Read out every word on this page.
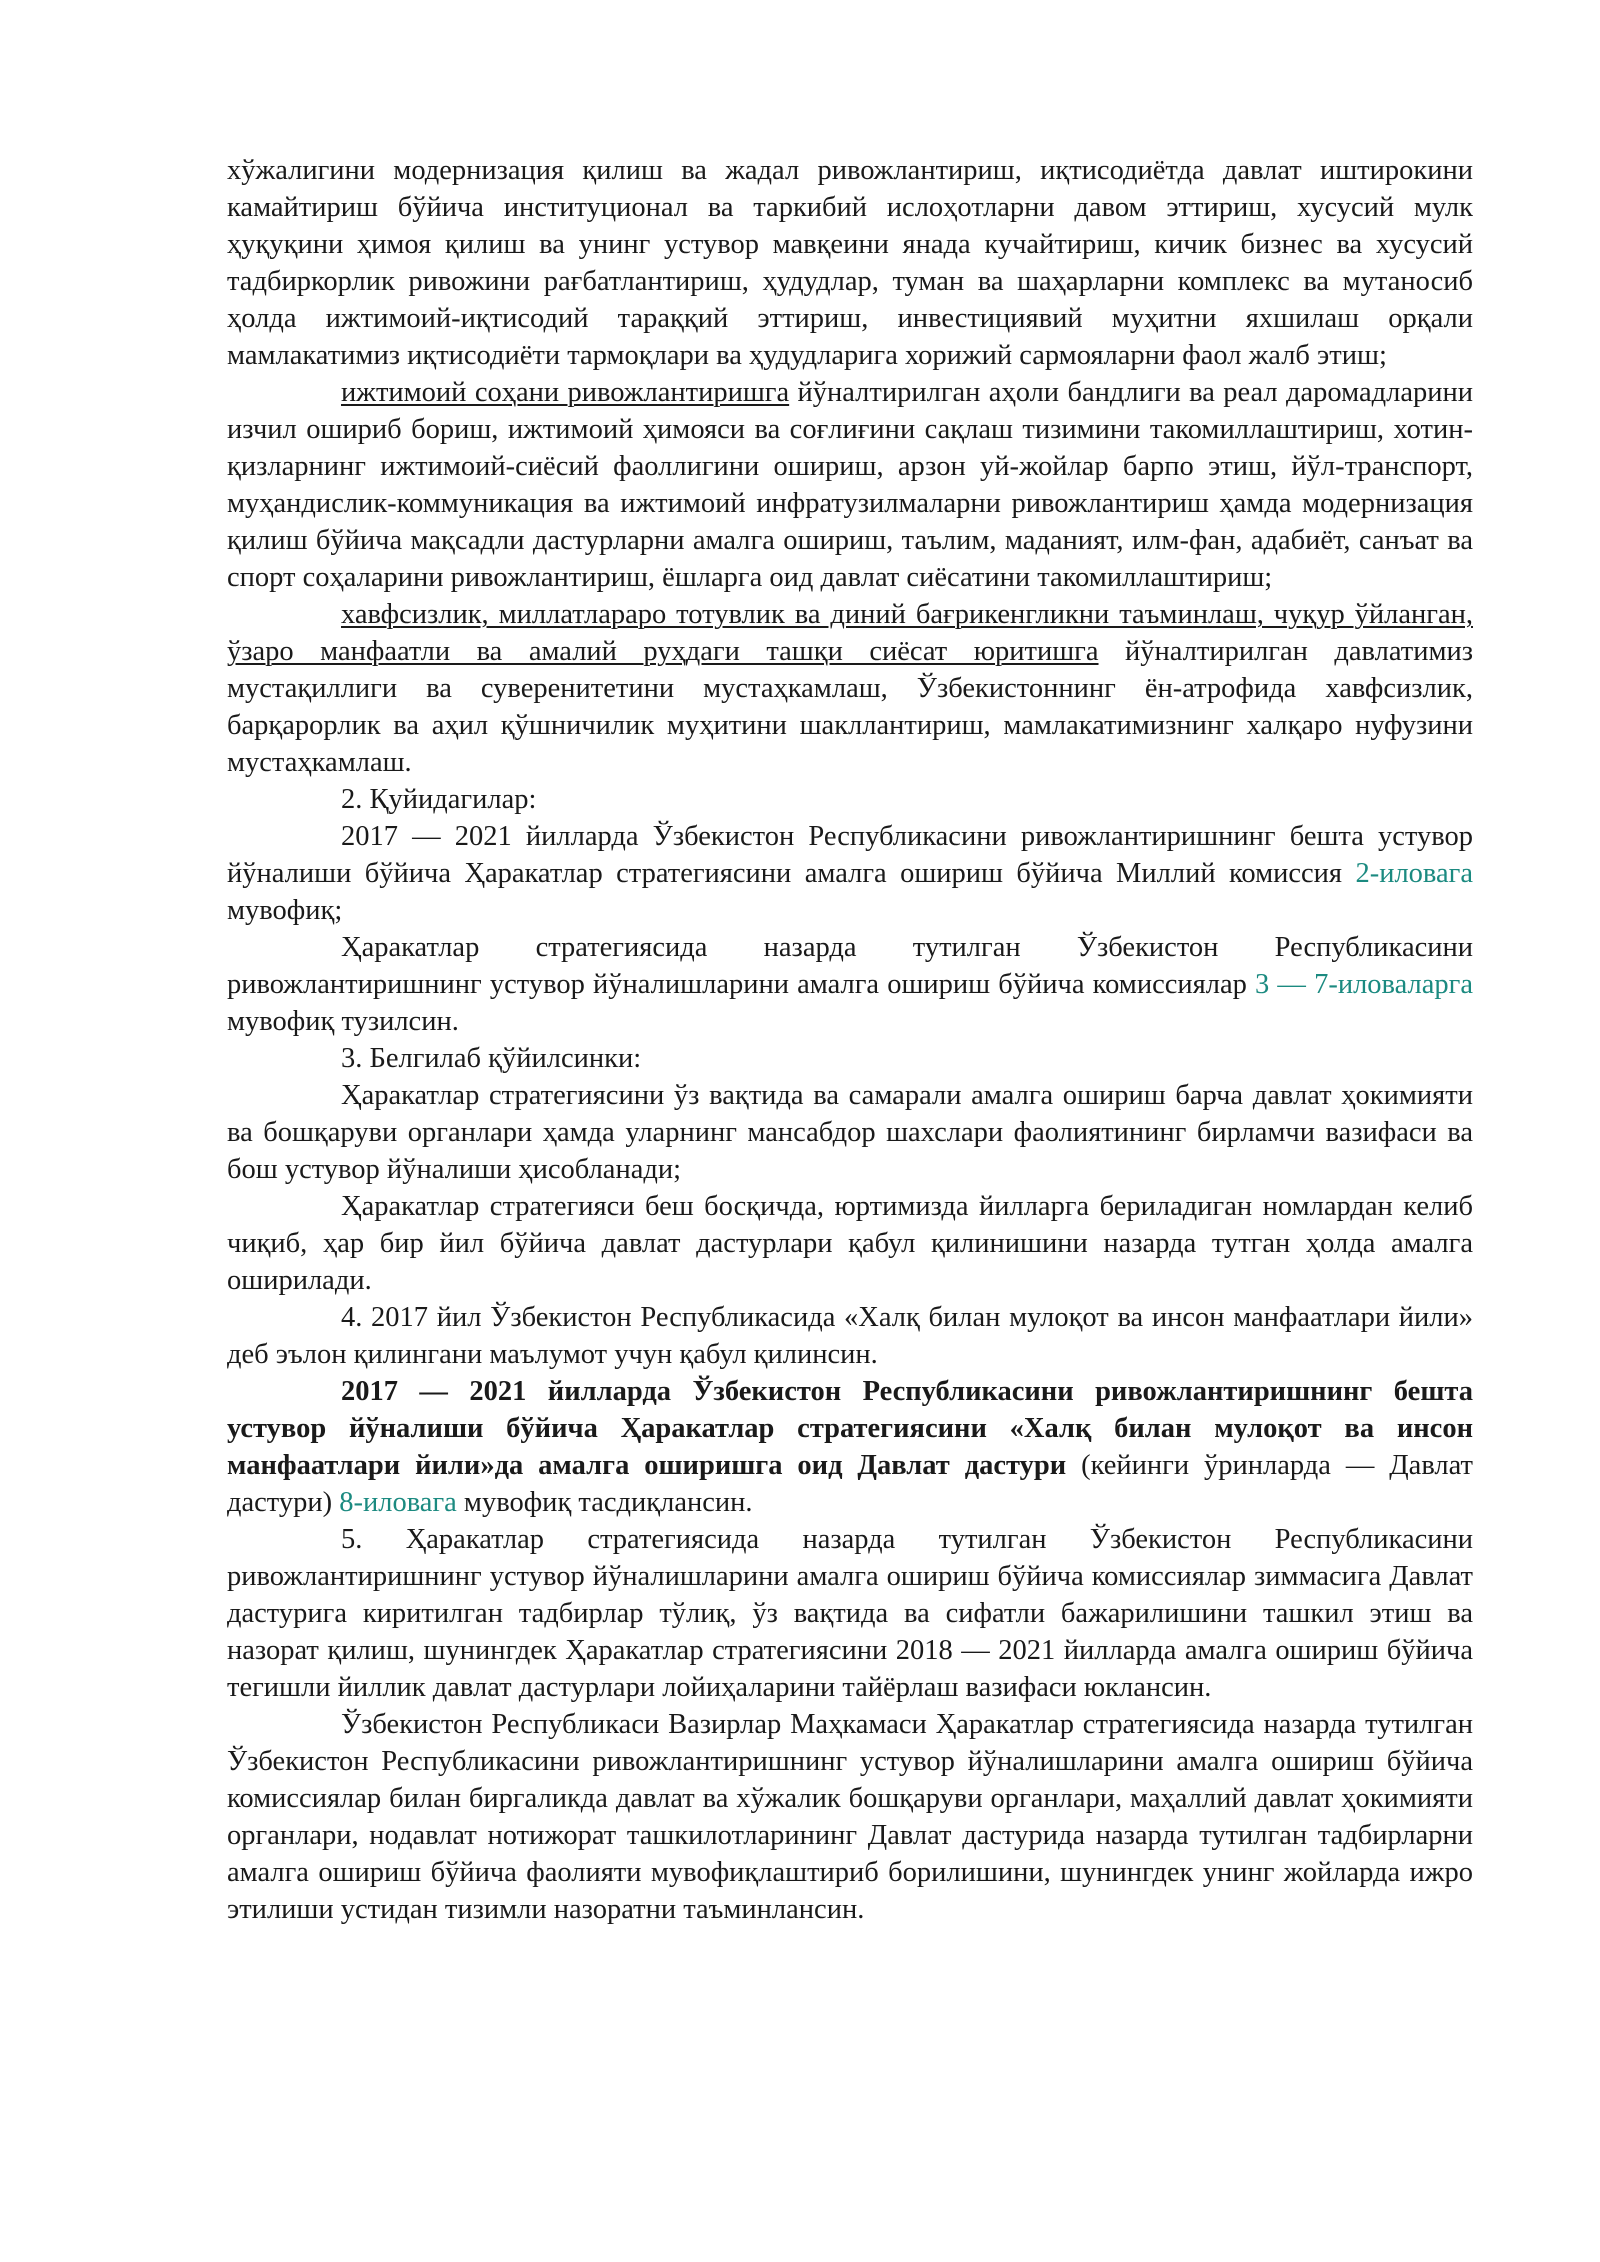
хўжалигини модернизация қилиш ва жадал ривожлантириш, иқтисодиётда давлат иштирокини камайтириш бўйича институционал ва таркибий ислоҳотларни давом эттириш, хусусий мулк ҳуқуқини ҳимоя қилиш ва унинг устувор мавқеини янада кучайтириш, кичик бизнес ва хусусий тадбиркорлик ривожини рағбатлантириш, ҳудудлар, туман ва шаҳарларни комплекс ва мутаносиб ҳолда ижтимоий-иқтисодий тараққий эттириш, инвестициявий муҳитни яхшилаш орқали мамлакатимиз иқтисодиёти тармоқлари ва ҳудудларига хорижий сармояларни фаол жалб этиш;

ижтимоий соҳани ривожлантиришга йўналтирилган аҳоли бандлиги ва реал даромадларини изчил ошириб бориш, ижтимоий ҳимояси ва соғлиғини сақлаш тизимини такомиллаштириш, хотин-қизларнинг ижтимоий-сиёсий фаоллигини ошириш, арзон уй-жойлар барпо этиш, йўл-транспорт, муҳандислик-коммуникация ва ижтимоий инфратузилмаларни ривожлантириш ҳамда модернизация қилиш бўйича мақсадли дастурларни амалга ошириш, таълим, маданият, илм-фан, адабиёт, санъат ва спорт соҳаларини ривожлантириш, ёшларга оид давлат сиёсатини такомиллаштириш;

хавфсизлик, миллатлараро тотувлик ва диний бағрикенгликни таъминлаш, чуқур ўйланган, ўзаро манфаатли ва амалий руҳдаги ташқи сиёсат юритишга йўналтирилган давлатимиз мустақиллиги ва суверенитетини мустаҳкамлаш, Ўзбекистоннинг ён-атрофида хавфсизлик, барқарорлик ва аҳил қўшничилик муҳитини шакллантириш, мамлакатимизнинг халқаро нуфузини мустаҳкамлаш.

2. Қуйидагилар:

2017 — 2021 йилларда Ўзбекистон Республикасини ривожлантиришнинг бешта устувор йўналиши бўйича Ҳаракатлар стратегиясини амалга ошириш бўйича Миллий комиссия 2-иловага мувофиқ;

Ҳаракатлар стратегиясида назарда тутилган Ўзбекистон Республикасини ривожлантиришнинг устувор йўналишларини амалга ошириш бўйича комиссиялар 3 — 7-иловаларга мувофиқ тузилсин.

3. Белгилаб қўйилсинки:

Ҳаракатлар стратегиясини ўз вақтида ва самарали амалга ошириш барча давлат ҳокимияти ва бошқаруви органлари ҳамда уларнинг мансабдор шахслари фаолиятининг бирламчи вазифаси ва бош устувор йўналиши ҳисобланади;

Ҳаракатлар стратегияси беш босқичда, юртимизда йилларга бериладиган номлардан келиб чиқиб, ҳар бир йил бўйича давлат дастурлари қабул қилинишини назарда тутган ҳолда амалга оширилади.

4. 2017 йил Ўзбекистон Республикасида «Халқ билан мулоқот ва инсон манфаатлари йили» деб эълон қилингани маълумот учун қабул қилинсин.

2017 — 2021 йилларда Ўзбекистон Республикасини ривожлантиришнинг бешта устувор йўналиши бўйича Ҳаракатлар стратегиясини «Халқ билан мулоқот ва инсон манфаатлари йили»да амалга оширишга оид Давлат дастури (кейинги ўринларда — Давлат дастури) 8-иловага мувофиқ тасдиқлансин.

5. Ҳаракатлар стратегиясида назарда тутилган Ўзбекистон Республикасини ривожлантиришнинг устувор йўналишларини амалга ошириш бўйича комиссиялар зиммасига Давлат дастурига киритилган тадбирлар тўлиқ, ўз вақтида ва сифатли бажарилишини ташкил этиш ва назорат қилиш, шунингдек Ҳаракатлар стратегиясини 2018 — 2021 йилларда амалга ошириш бўйича тегишли йиллик давлат дастурлари лойиҳаларини тайёрлаш вазифаси юклансин.

Ўзбекистон Республикаси Вазирлар Маҳкамаси Ҳаракатлар стратегиясида назарда тутилган Ўзбекистон Республикасини ривожлантиришнинг устувор йўналишларини амалга ошириш бўйича комиссиялар билан биргаликда давлат ва хўжалик бошқаруви органлари, маҳаллий давлат ҳокимияти органлари, нодавлат нотижорат ташкилотларининг Давлат дастурида назарда тутилган тадбирларни амалга ошириш бўйича фаолияти мувофиқлаштириб борилишини, шунингдек унинг жойларда ижро этилиши устидан тизимли назоратни таъминлансин.
